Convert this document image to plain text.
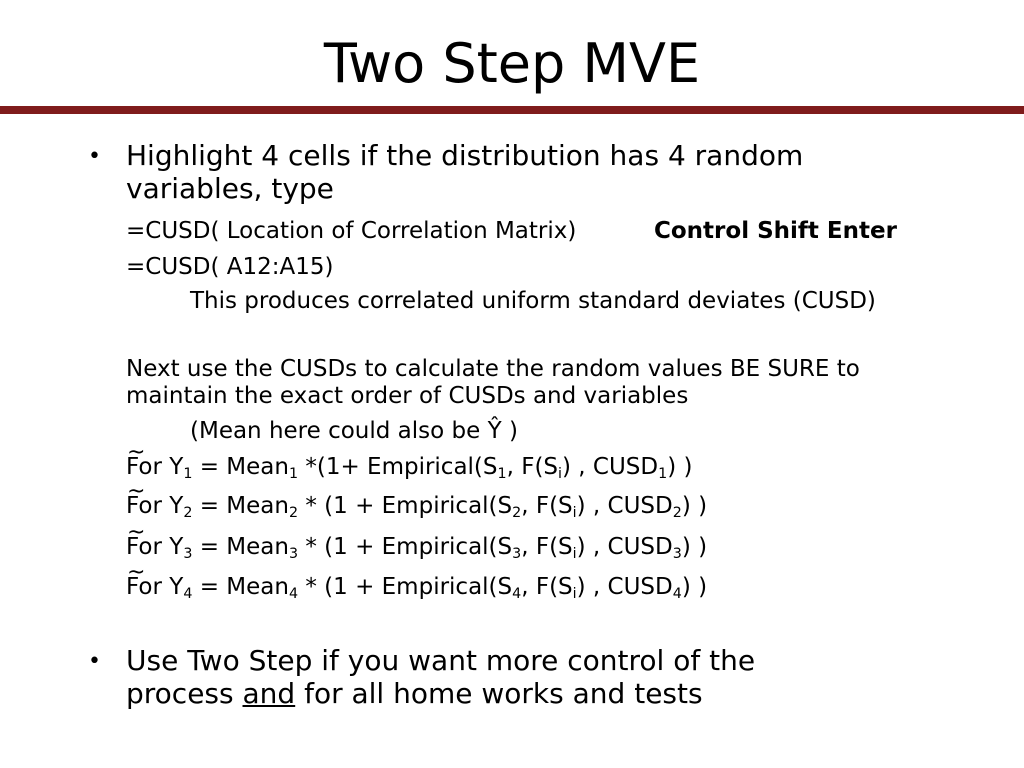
Two Step MVE
• Highlight 4 cells if the distribution has 4 random

variables, type

=CUSD( Location of Correlation Matrix)	Control Shift Enter

=CUSD( A12:A15)

This produces correlated uniform standard deviates (CUSD)

Next use the CUSDs to calculate the random values BE SURE to

maintain the exact order of CUSDs and variables

(Mean here could also be Ŷ )

~ For $Y_1$ = Mean$_1$ $*(1+ Empirical(S_1$, $F(S_i)$ , $CUSD_1$) )

~ For $Y_2$ = Mean$_2$ * ($1 + Empirical(S_2$, $F(S_i)$ , $CUSD_2$) )

~ For $Y_3$ = Mean$_3$ * ($1 + Empirical(S_3$, $F(S_i)$ , $CUSD_3$) )

~ For $Y_4$ = Mean$_4$ * ($1 + Empirical(S_4$, $F(S_i)$ , $CUSD_4$) )

• Use Two Step if you want more control of the

process and for all home works and tests
